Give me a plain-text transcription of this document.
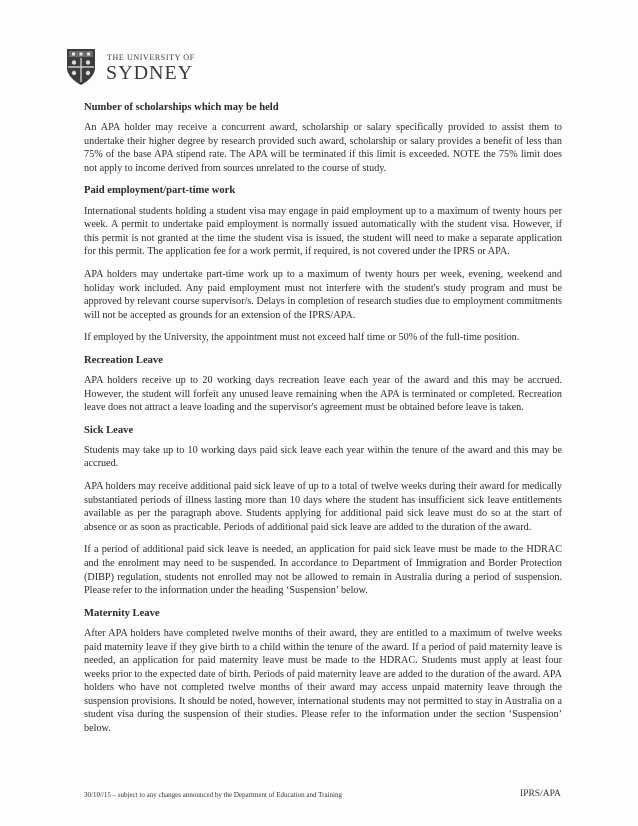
THE UNIVERSITY OF
SYDNEY
Number of scholarships which may be held

An APA holder may receive a concurrent award, scholarship or salary specifically provided to assist them to undertake their higher degree by research provided such award, scholarship or salary provides a benefit of less than 75% of the base APA stipend rate. The APA will be terminated if this limit is exceeded. NOTE the 75% limit does not apply to income derived from sources unrelated to the course of study.

Paid employment/part-time work

International students holding a student visa may engage in paid employment up to a maximum of twenty hours per week. A permit to undertake paid employment is normally issued automatically with the student visa. However, if this permit is not granted at the time the student visa is issued, the student will need to make a separate application for this permit. The application fee for a work permit, if required, is not covered under the IPRS or APA.

APA holders may undertake part-time work up to a maximum of twenty hours per week, evening, weekend and holiday work included. Any paid employment must not interfere with the student's study program and must be approved by relevant course supervisor/s. Delays in completion of research studies due to employment commitments will not be accepted as grounds for an extension of the IPRS/APA.

If employed by the University, the appointment must not exceed half time or 50% of the full-time position.

Recreation Leave

APA holders receive up to 20 working days recreation leave each year of the award and this may be accrued. However, the student will forfeit any unused leave remaining when the APA is terminated or completed. Recreation leave does not attract a leave loading and the supervisor's agreement must be obtained before leave is taken.

Sick Leave

Students may take up to 10 working days paid sick leave each year within the tenure of the award and this may be accrued.

APA holders may receive additional paid sick leave of up to a total of twelve weeks during their award for medically substantiated periods of illness lasting more than 10 days where the student has insufficient sick leave entitlements available as per the paragraph above. Students applying for additional paid sick leave must do so at the start of absence or as soon as practicable. Periods of additional paid sick leave are added to the duration of the award.

If a period of additional paid sick leave is needed, an application for paid sick leave must be made to the HDRAC and the enrolment may need to be suspended. In accordance to Department of Immigration and Border Protection (DIBP) regulation, students not enrolled may not be allowed to remain in Australia during a period of suspension. Please refer to the information under the heading ‘Suspension’ below.

Maternity Leave

After APA holders have completed twelve months of their award, they are entitled to a maximum of twelve weeks paid maternity leave if they give birth to a child within the tenure of the award. If a period of paid maternity leave is needed, an application for paid maternity leave must be made to the HDRAC. Students must apply at least four weeks prior to the expected date of birth. Periods of paid maternity leave are added to the duration of the award. APA holders who have not completed twelve months of their award may access unpaid maternity leave through the suspension provisions. It should be noted, however, international students may not permitted to stay in Australia on a student visa during the suspension of their studies. Please refer to the information under the section ‘Suspension’ below.

30/10//15 – subject to any changes announced by the Department of Education and Training	IPRS/APA
